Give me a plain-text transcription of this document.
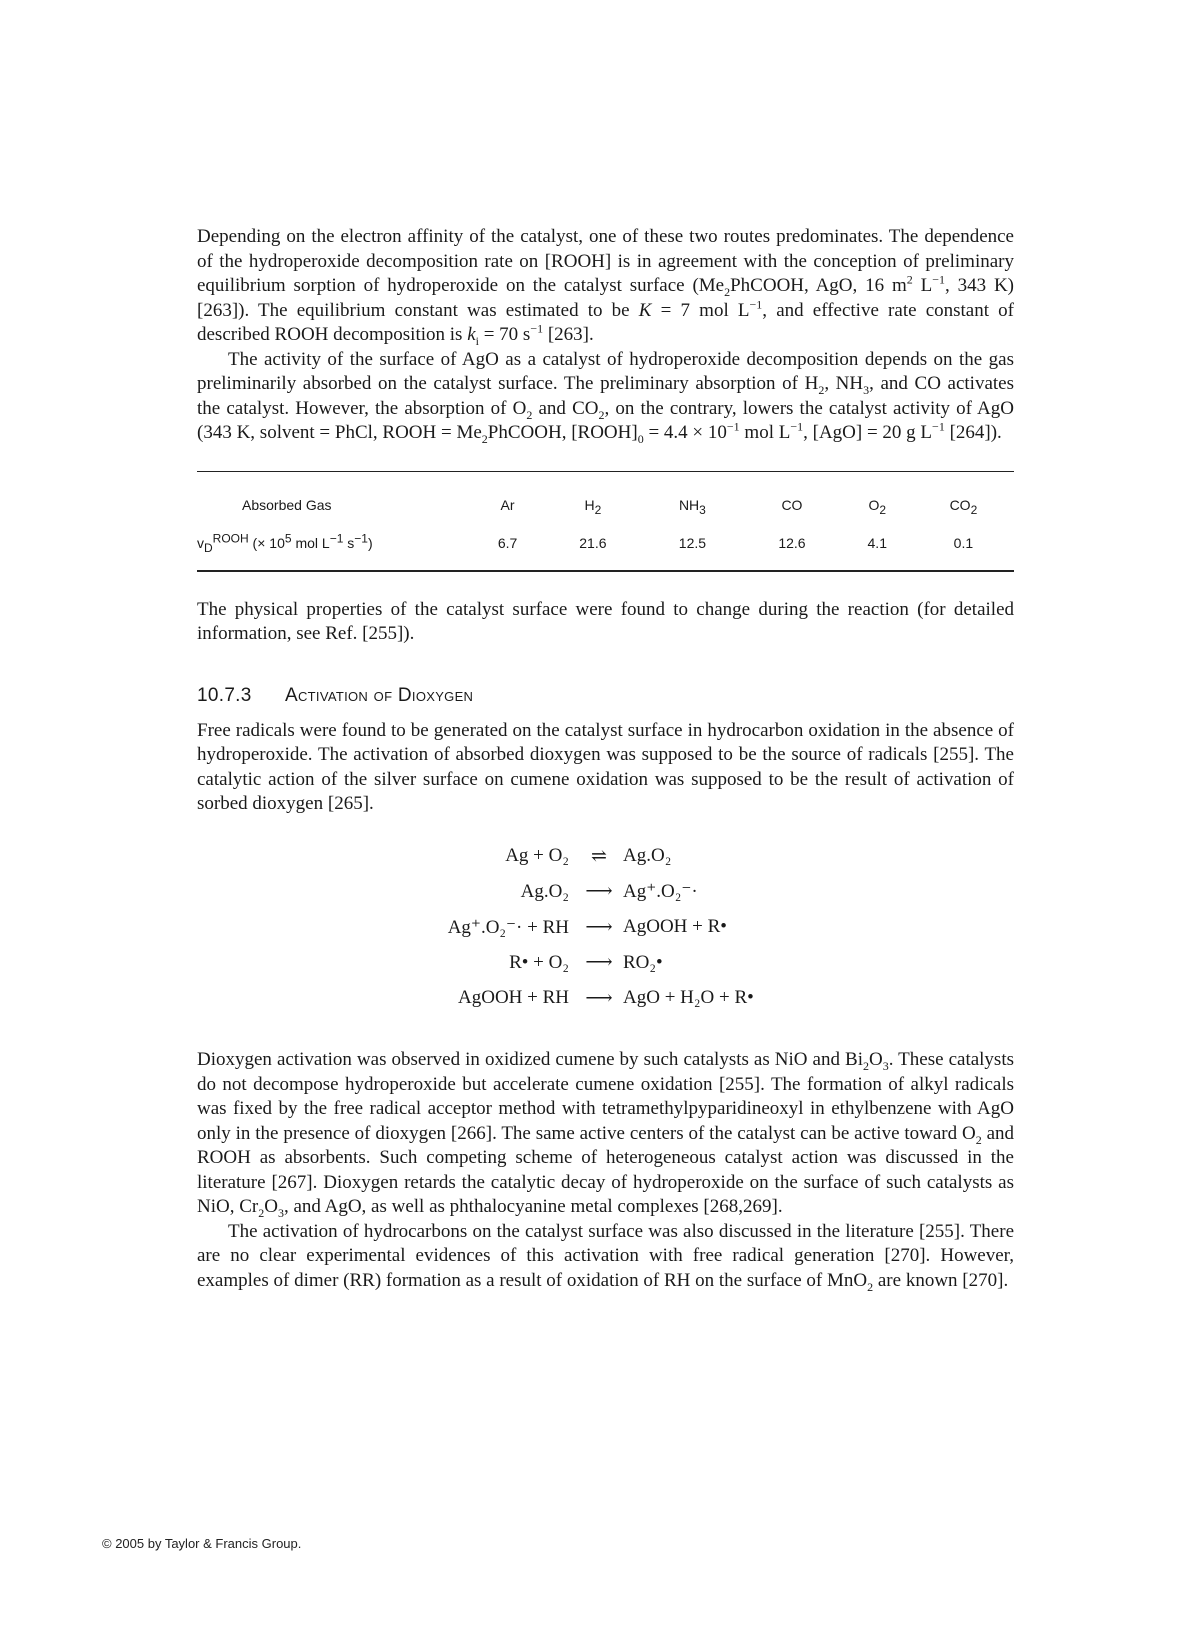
Depending on the electron affinity of the catalyst, one of these two routes predominates. The dependence of the hydroperoxide decomposition rate on [ROOH] is in agreement with the conception of preliminary equilibrium sorption of hydroperoxide on the catalyst surface ($Me_2PhCOOH$, AgO, 16 $m^2$ $L^{-1}$, 343 K) [263]). The equilibrium constant was estimated to be K = 7 mol $L^{-1}$, and effective rate constant of described ROOH decomposition is $k_i = 70$ $s^{-1}$ [263].

The activity of the surface of AgO as a catalyst of hydroperoxide decomposition depends on the gas preliminarily absorbed on the catalyst surface. The preliminary absorption of $H_2$, $NH_3$, and CO activates the catalyst. However, the absorption of $O_2$ and $CO_2$, on the contrary, lowers the catalyst activity of AgO (343 K, solvent = PhCl, ROOH = $Me_2PhCOOH$, $[ROOH]_0 = 4.4 \times 10^{-1}$ mol $L^{-1}$, [AgO] = 20 g $L^{-1}$ [264]).

Absorbed Gas	Ar	$H_2$	$NH_3$	CO	$O_2$	$CO_2$
$v_D^{ROOH}$ (× $10^5$ mol $L^{-1}$ $s^{-1}$)	6.7	21.6	12.5	12.6	4.1	0.1

The physical properties of the catalyst surface were found to change during the reaction (for detailed information, see Ref. [255]).

10.7.3 Activation of Dioxygen

Free radicals were found to be generated on the catalyst surface in hydrocarbon oxidation in the absence of hydroperoxide. The activation of absorbed dioxygen was supposed to be the source of radicals [255]. The catalytic action of the silver surface on cumene oxidation was supposed to be the result of activation of sorbed dioxygen [265].

Ag + O₂	⇌ Ag.O₂
Ag.O₂ ⟶ Ag⁺.O₂⁻·
Ag⁺.O₂⁻· + RH ⟶ AgOOH + R•
R• + O₂ ⟶ RO₂•
AgOOH + RH ⟶ AgO + H₂O + R•

Dioxygen activation was observed in oxidized cumene by such catalysts as NiO and $Bi_2O_3$. These catalysts do not decompose hydroperoxide but accelerate cumene oxidation [255]. The formation of alkyl radicals was fixed by the free radical acceptor method with tetramethylpyparidineoxyl in ethylbenzene with AgO only in the presence of dioxygen [266]. The same active centers of the catalyst can be active toward $O_2$ and ROOH as absorbents. Such competing scheme of heterogeneous catalyst action was discussed in the literature [267]. Dioxygen retards the catalytic decay of hydroperoxide on the surface of such catalysts as NiO, $Cr_2O_3$, and AgO, as well as phthalocyanine metal complexes [268,269].

The activation of hydrocarbons on the catalyst surface was also discussed in the literature [255]. There are no clear experimental evidences of this activation with free radical generation [270]. However, examples of dimer (RR) formation as a result of oxidation of RH on the surface of MnO$_2$ are known [270].

© 2005 by Taylor & Francis Group.
